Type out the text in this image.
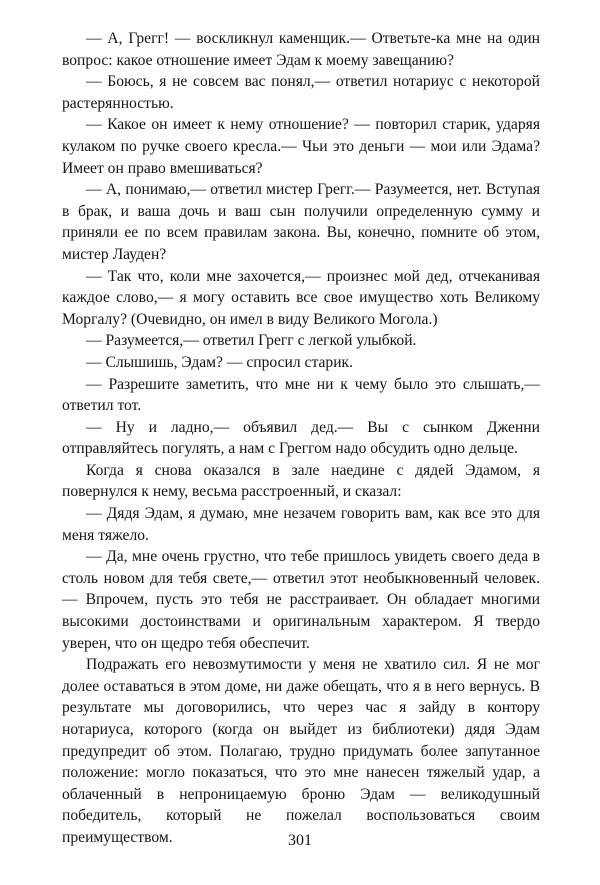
— А, Грегг! — воскликнул каменщик.— Ответьте-ка мне на один вопрос: какое отношение имеет Эдам к моему завещанию?

— Боюсь, я не совсем вас понял,— ответил нотариус с некоторой растерянностью.

— Какое он имеет к нему отношение? — повторил старик, ударяя кулаком по ручке своего кресла.— Чьи это деньги — мои или Эдама? Имеет он право вмешиваться?

— А, понимаю,— ответил мистер Грегг.— Разумеется, нет. Вступая в брак, и ваша дочь и ваш сын получили определенную сумму и приняли ее по всем правилам закона. Вы, конечно, помните об этом, мистер Лауден?

— Так что, коли мне захочется,— произнес мой дед, отчеканивая каждое слово,— я могу оставить все свое имущество хоть Великому Моргалу? (Очевидно, он имел в виду Великого Могола.)

— Разумеется,— ответил Грегг с легкой улыбкой.

— Слышишь, Эдам? — спросил старик.

— Разрешите заметить, что мне ни к чему было это слышать,— ответил тот.

— Ну и ладно,— объявил дед.— Вы с сынком Дженни отправляйтесь погулять, а нам с Греггом надо обсудить одно дельце.

Когда я снова оказался в зале наедине с дядей Эдамом, я повернулся к нему, весьма расстроенный, и сказал:

— Дядя Эдам, я думаю, мне незачем говорить вам, как все это для меня тяжело.

— Да, мне очень грустно, что тебе пришлось увидеть своего деда в столь новом для тебя свете,— ответил этот необыкновенный человек.— Впрочем, пусть это тебя не расстраивает. Он обладает многими высокими достоинствами и оригинальным характером. Я твердо уверен, что он щедро тебя обеспечит.

Подражать его невозмутимости у меня не хватило сил. Я не мог долее оставаться в этом доме, ни даже обещать, что я в него вернусь. В результате мы договорились, что через час я зайду в контору нотариуса, которого (когда он выйдет из библиотеки) дядя Эдам предупредит об этом. Полагаю, трудно придумать более запутанное положение: могло показаться, что это мне нанесен тяжелый удар, а облаченный в непроницаемую броню Эдам — великодушный победитель, который не пожелал воспользоваться своим преимуществом.	301
